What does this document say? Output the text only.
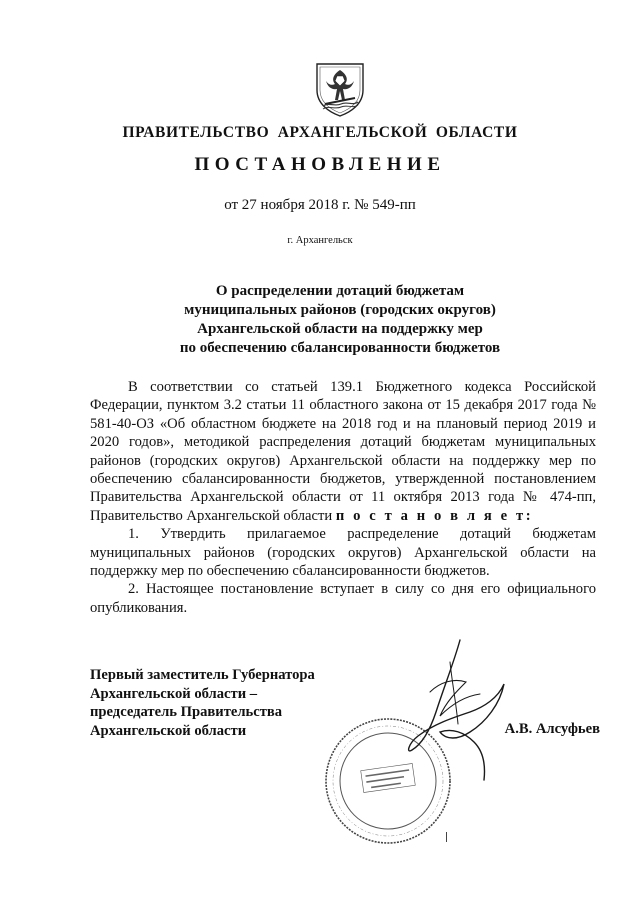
ПРАВИТЕЛЬСТВО АРХАНГЕЛЬСКОЙ ОБЛАСТИ
ПОСТАНОВЛЕНИЕ
от 27 ноября 2018 г. № 549-пп
г. Архангельск
О распределении дотаций бюджетам
муниципальных районов (городских округов)
Архангельской области на поддержку мер
по обеспечению сбалансированности бюджетов

В соответствии со статьей 139.1 Бюджетного кодекса Российской Федерации, пунктом 3.2 статьи 11 областного закона от 15 декабря 2017 года № 581-40-ОЗ «Об областном бюджете на 2018 год и на плановый период 2019 и 2020 годов», методикой распределения дотаций бюджетам муниципальных районов (городских округов) Архангельской области на поддержку мер по обеспечению сбалансированности бюджетов, утвержденной постановлением Правительства Архангельской области от 11 октября 2013 года № 474-пп, Правительство Архангельской области п о с т а н о в л я е т:

1. Утвердить прилагаемое распределение дотаций бюджетам муниципальных районов (городских округов) Архангельской области на поддержку мер по обеспечению сбалансированности бюджетов.

2. Настоящее постановление вступает в силу со дня его официального опубликования.

Первый заместитель Губернатора
Архангельской области –
председатель Правительства
Архангельской области	А.В. Алсуфьев
